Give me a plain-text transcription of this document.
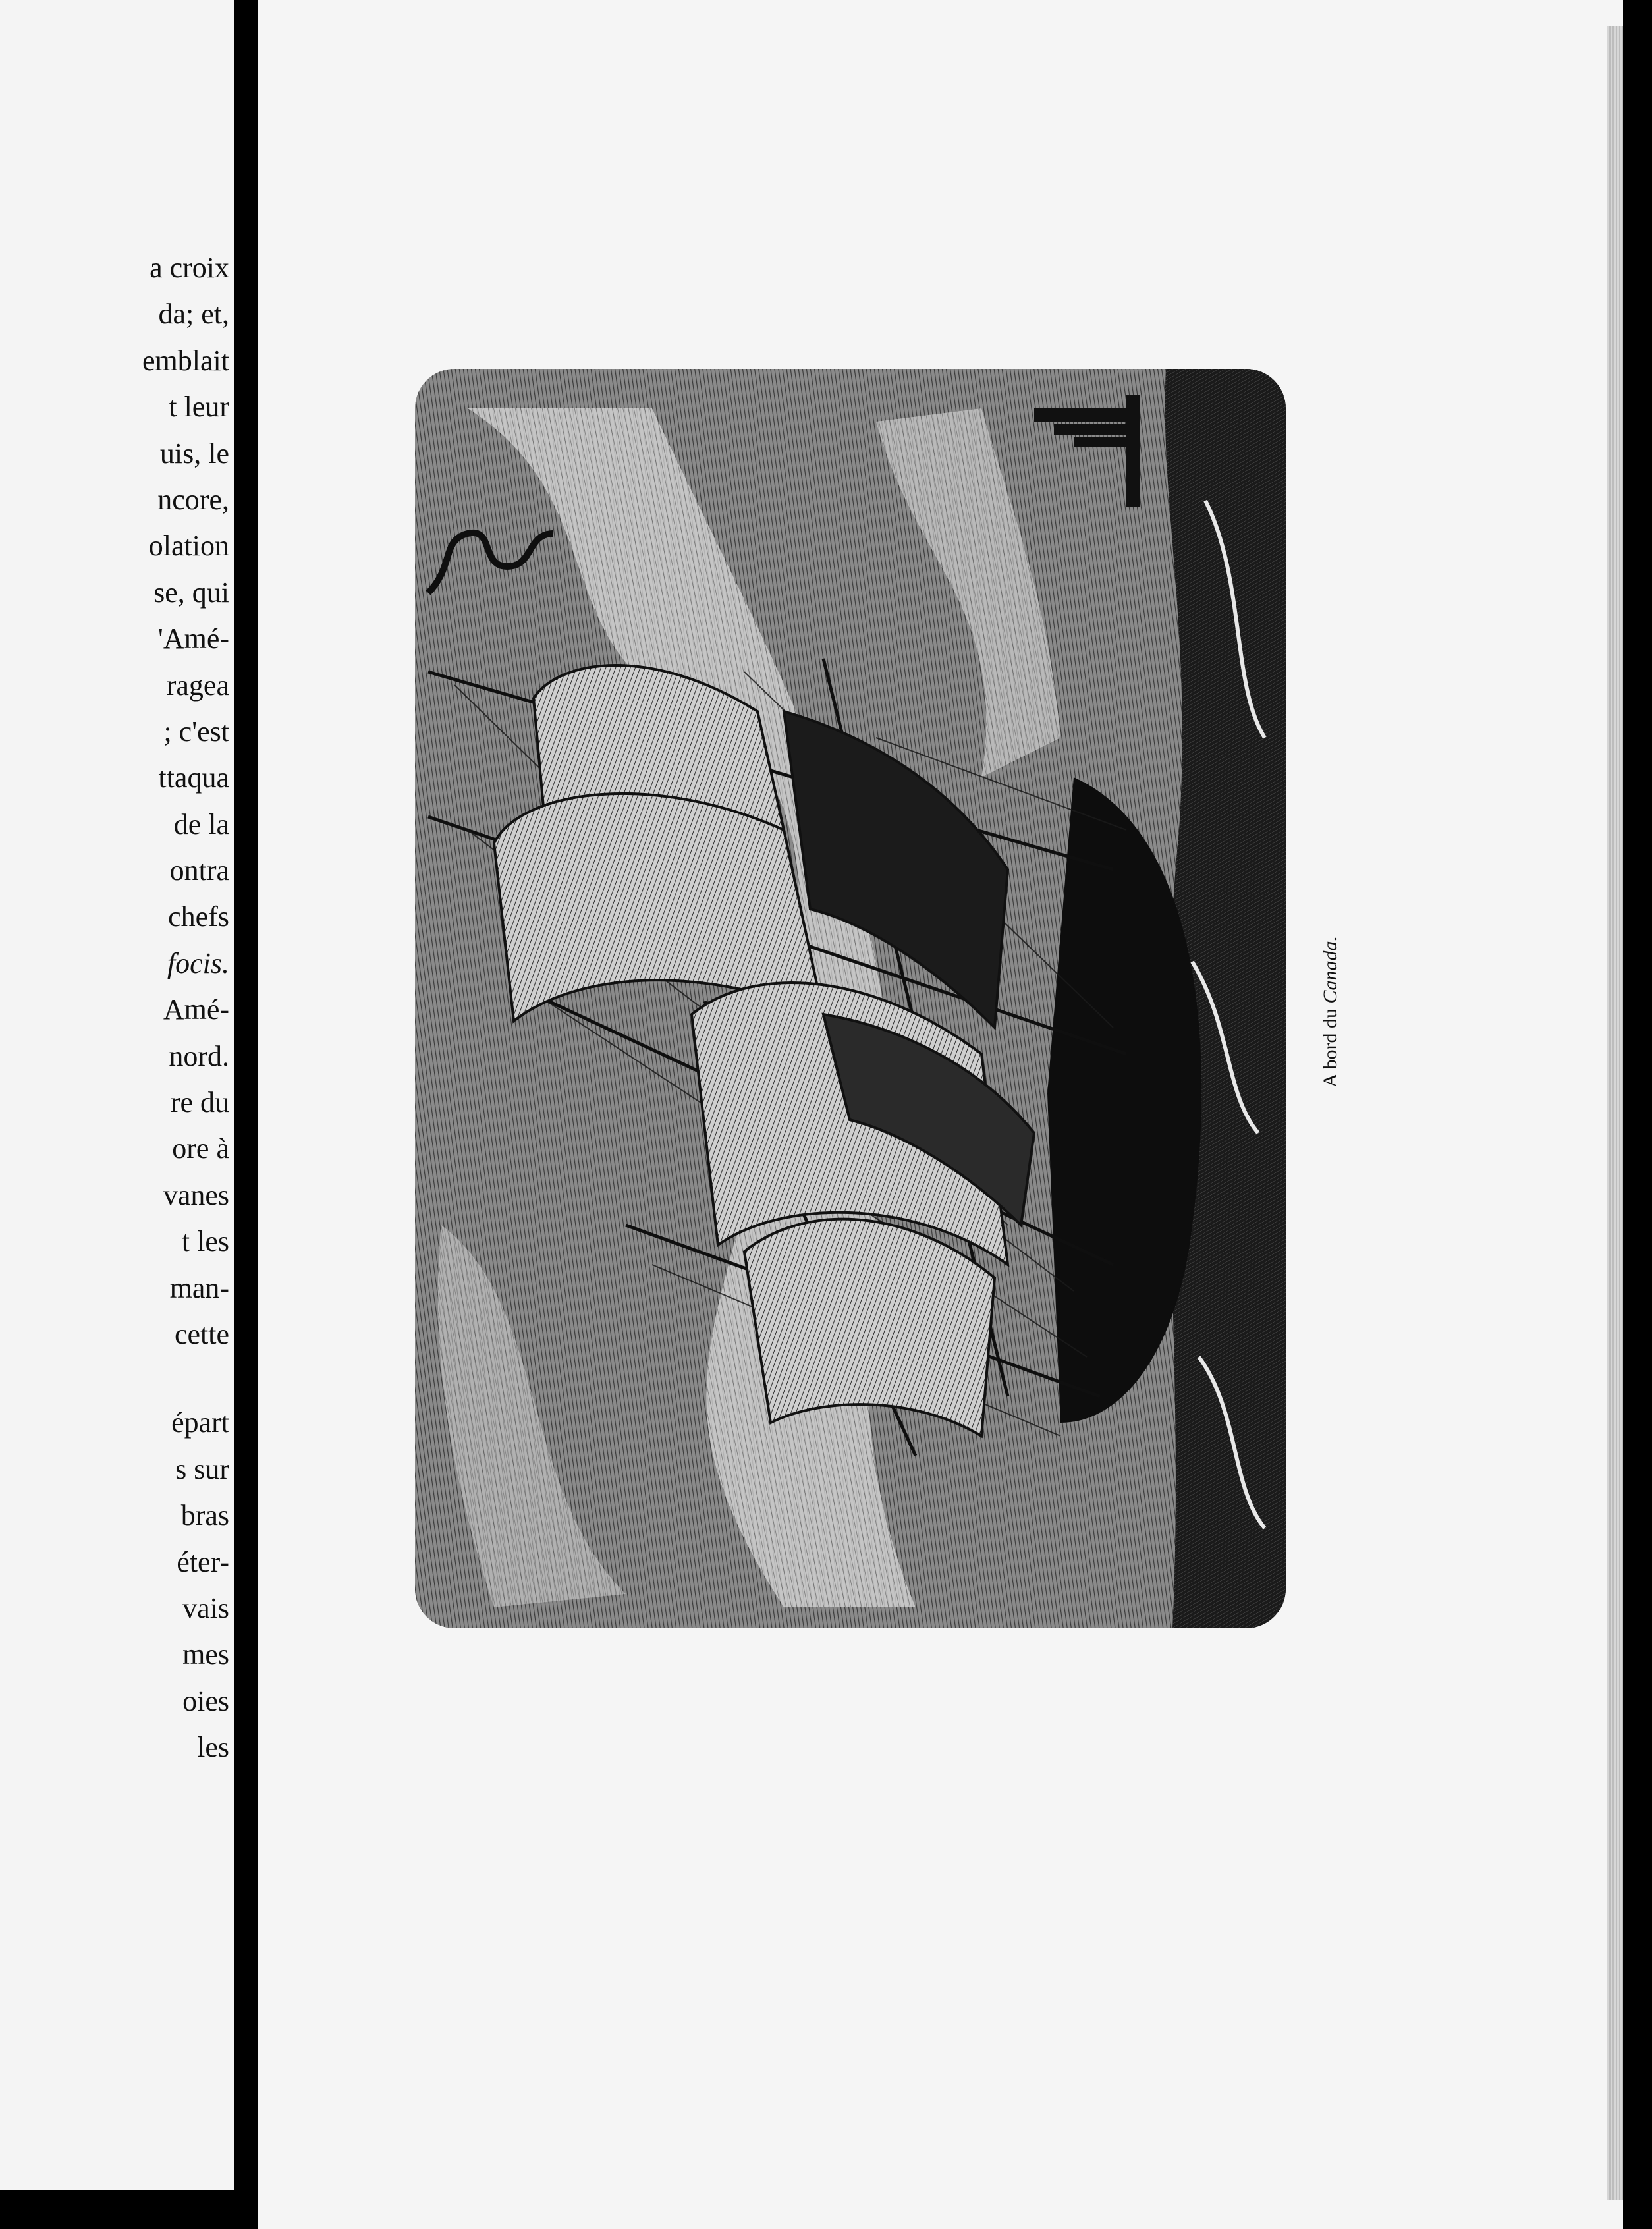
a croix
da; et,
emblait
t leur
uis, le
ncore,
olation
se, qui
'Amé-
ragea
; c'est
ttaqua
de la
ontra
chefs
focis.
Amé-
nord.
re du
ore à
vanes
t les
man-
cette
épart
s sur
bras
éter-
vais
mes
oies
les
A bord du Canada.
